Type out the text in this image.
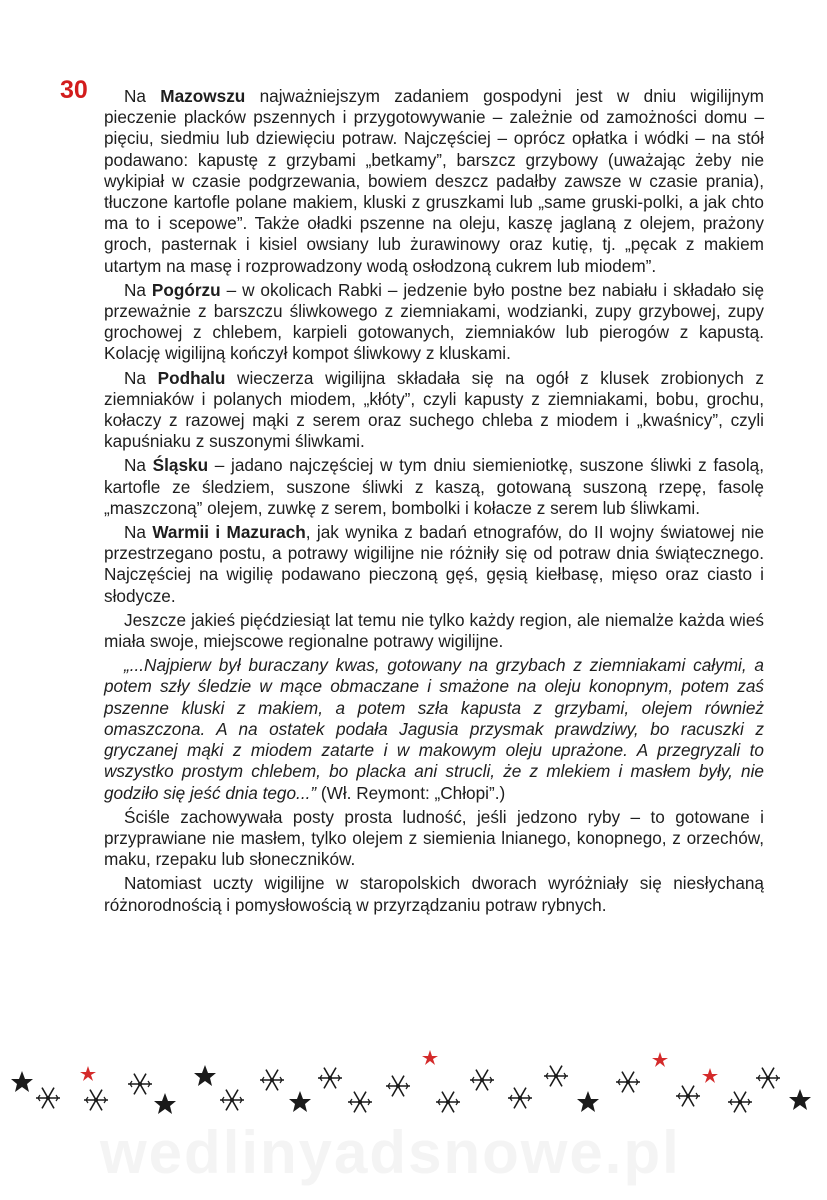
30	Na Mazowszu najważniejszym zadaniem gospodyni jest w dniu wigilijnym pieczenie placków pszennych i przygotowywanie – zależnie od zamożności domu – pięciu, siedmiu lub dziewięciu potraw. Najczęściej – oprócz opłatka i wódki – na stół podawano: kapustę z grzybami „betkamy”, barszcz grzybowy (uważając żeby nie wykipiał w czasie podgrzewania, bowiem deszcz padałby zawsze w czasie prania), tłuczone kartofle polane makiem, kluski z gruszkami lub „same gruski-polki, a jak chto ma to i scepowe”. Także oładki pszenne na oleju, kaszę jaglaną z olejem, prażony groch, pasternak i kisiel owsiany lub żurawinowy oraz kutię, tj. „pęcak z makiem utartym na masę i rozprowadzony wodą osłodzoną cukrem lub miodem”.

Na Pogórzu – w okolicach Rabki – jedzenie było postne bez nabiału i składało się przeważnie z barszczu śliwkowego z ziemniakami, wodzianki, zupy grzybowej, zupy grochowej z chlebem, karpieli gotowanych, ziemniaków lub pierogów z kapustą. Kolację wigilijną kończył kompot śliwkowy z kluskami.

Na Podhalu wieczerza wigilijna składała się na ogół z klusek zrobionych z ziemniaków i polanych miodem, „kłóty”, czyli kapusty z ziemniakami, bobu, grochu, kołaczy z razowej mąki z serem oraz suchego chleba z miodem i „kwaśnicy”, czyli kapuśniaku z suszonymi śliwkami.

Na Śląsku – jadano najczęściej w tym dniu siemieniotkę, suszone śliwki z fasolą, kartofle ze śledziem, suszone śliwki z kaszą, gotowaną suszoną rzepę, fasolę „maszczoną” olejem, zuwkę z serem, bombolki i kołacze z serem lub śliwkami.

Na Warmii i Mazurach, jak wynika z badań etnografów, do II wojny światowej nie przestrzegano postu, a potrawy wigilijne nie różniły się od potraw dnia świątecznego. Najczęściej na wigilię podawano pieczoną gęś, gęsią kiełbasę, mięso oraz ciasto i słodycze.

Jeszcze jakieś pięćdziesiąt lat temu nie tylko każdy region, ale niemalże każda wieś miała swoje, miejscowe regionalne potrawy wigilijne.

„...Najpierw był buraczany kwas, gotowany na grzybach z ziemniakami całymi, a potem szły śledzie w mące obmaczane i smażone na oleju konopnym, potem zaś pszenne kluski z makiem, a potem szła kapusta z grzybami, olejem również omaszczona. A na ostatek podała Jagusia przysmak prawdziwy, bo racuszki z gryczanej mąki z miodem zatarte i w makowym oleju uprażone. A przegryzali to wszystko prostym chlebem, bo placka ani strucli, że z mlekiem i masłem były, nie godziło się jeść dnia tego...” (Wł. Reymont: „Chłopi”.)

Ściśle zachowywała posty prosta ludność, jeśli jedzono ryby – to gotowane i przyprawiane nie masłem, tylko olejem z siemienia lnianego, konopnego, z orzechów, maku, rzepaku lub słoneczników.

Natomiast uczty wigilijne w staropolskich dworach wyróżniały się niesłychaną różnorodnością i pomysłowością w przyrządzaniu potraw rybnych.

wedlinyadsnowe.pl
